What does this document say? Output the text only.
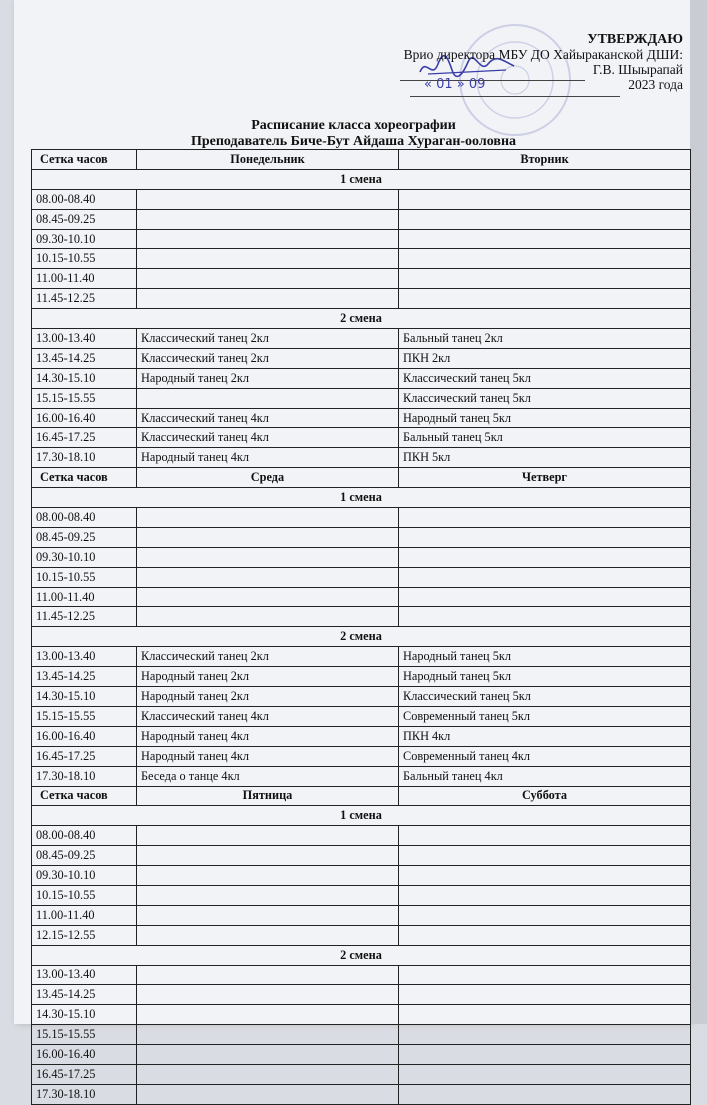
УТВЕРЖДАЮ
Врио директора МБУ ДО Хайыраканской ДШИ:
Г.В. Шыырапай
2023 года
« 01 » 09
Расписание класса хореографии
Преподаватель Биче-Бут Айдаша Хураган-ооловна
Сетка часов	Понедельник	Вторник
1 смена		
08.00-08.40		
08.45-09.25		
09.30-10.10		
10.15-10.55		
11.00-11.40		
11.45-12.25		
2 смена		
13.00-13.40	Классический танец 2кл	Бальный танец 2кл
13.45-14.25	Классический танец 2кл	ПКН 2кл
14.30-15.10	Народный танец 2кл	Классический танец 5кл
15.15-15.55		Классический танец 5кл
16.00-16.40	Классический танец 4кл	Народный танец 5кл
16.45-17.25	Классический танец 4кл	Бальный танец 5кл
17.30-18.10	Народный танец 4кл	ПКН 5кл
Сетка часов	Среда	Четверг
1 смена		
08.00-08.40		
08.45-09.25		
09.30-10.10		
10.15-10.55		
11.00-11.40		
11.45-12.25		
2 смена		
13.00-13.40	Классический танец 2кл	Народный танец 5кл
13.45-14.25	Народный танец 2кл	Народный танец 5кл
14.30-15.10	Народный танец 2кл	Классический танец 5кл
15.15-15.55	Классический танец 4кл	Современный танец 5кл
16.00-16.40	Народный танец 4кл	ПКН 4кл
16.45-17.25	Народный танец 4кл	Современный танец 4кл
17.30-18.10	Беседа о танце 4кл	Бальный танец 4кл
Сетка часов	Пятница	Суббота
1 смена		
08.00-08.40		
08.45-09.25		
09.30-10.10		
10.15-10.55		
11.00-11.40		
12.15-12.55		
2 смена		
13.00-13.40		
13.45-14.25		
14.30-15.10		
15.15-15.55		
16.00-16.40		
16.45-17.25		
17.30-18.10		
